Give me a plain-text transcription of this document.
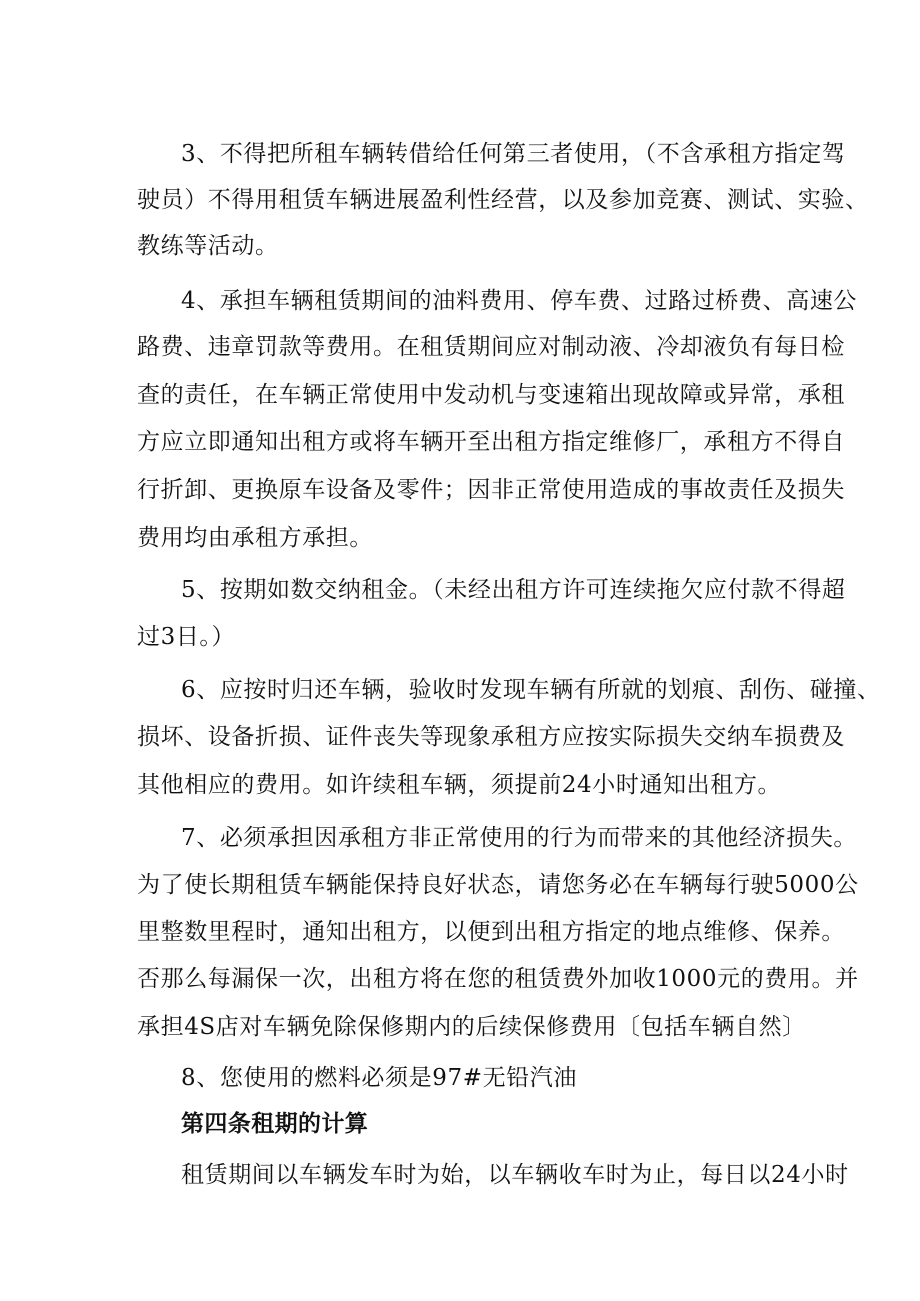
3、不得把所租车辆转借给任何第三者使用，（不含承租方指定驾
驶员）不得用租赁车辆进展盈利性经营，以及参加竞赛、测试、实验、
教练等活动。
4、承担车辆租赁期间的油料费用、停车费、过路过桥费、高速公
路费、违章罚款等费用。在租赁期间应对制动液、冷却液负有每日检
查的责任，在车辆正常使用中发动机与变速箱出现故障或异常，承租
方应立即通知出租方或将车辆开至出租方指定维修厂，承租方不得自
行折卸、更换原车设备及零件；因非正常使用造成的事故责任及损失
费用均由承租方承担。
5、按期如数交纳租金。（未经出租方许可连续拖欠应付款不得超
过3日。）
6、应按时归还车辆，验收时发现车辆有所就的划痕、刮伤、碰撞、
损坏、设备折损、证件丧失等现象承租方应按实际损失交纳车损费及
其他相应的费用。如许续租车辆，须提前24小时通知出租方。
7、必须承担因承租方非正常使用的行为而带来的其他经济损失。
为了使长期租赁车辆能保持良好状态，请您务必在车辆每行驶5000公
里整数里程时，通知出租方，以便到出租方指定的地点维修、保养。
否那么每漏保一次，出租方将在您的租赁费外加收1000元的费用。并
承担4S店对车辆免除保修期内的后续保修费用〔包括车辆自然〕
8、您使用的燃料必须是97#无铅汽油
第四条租期的计算
租赁期间以车辆发车时为始，以车辆收车时为止，每日以24小时
